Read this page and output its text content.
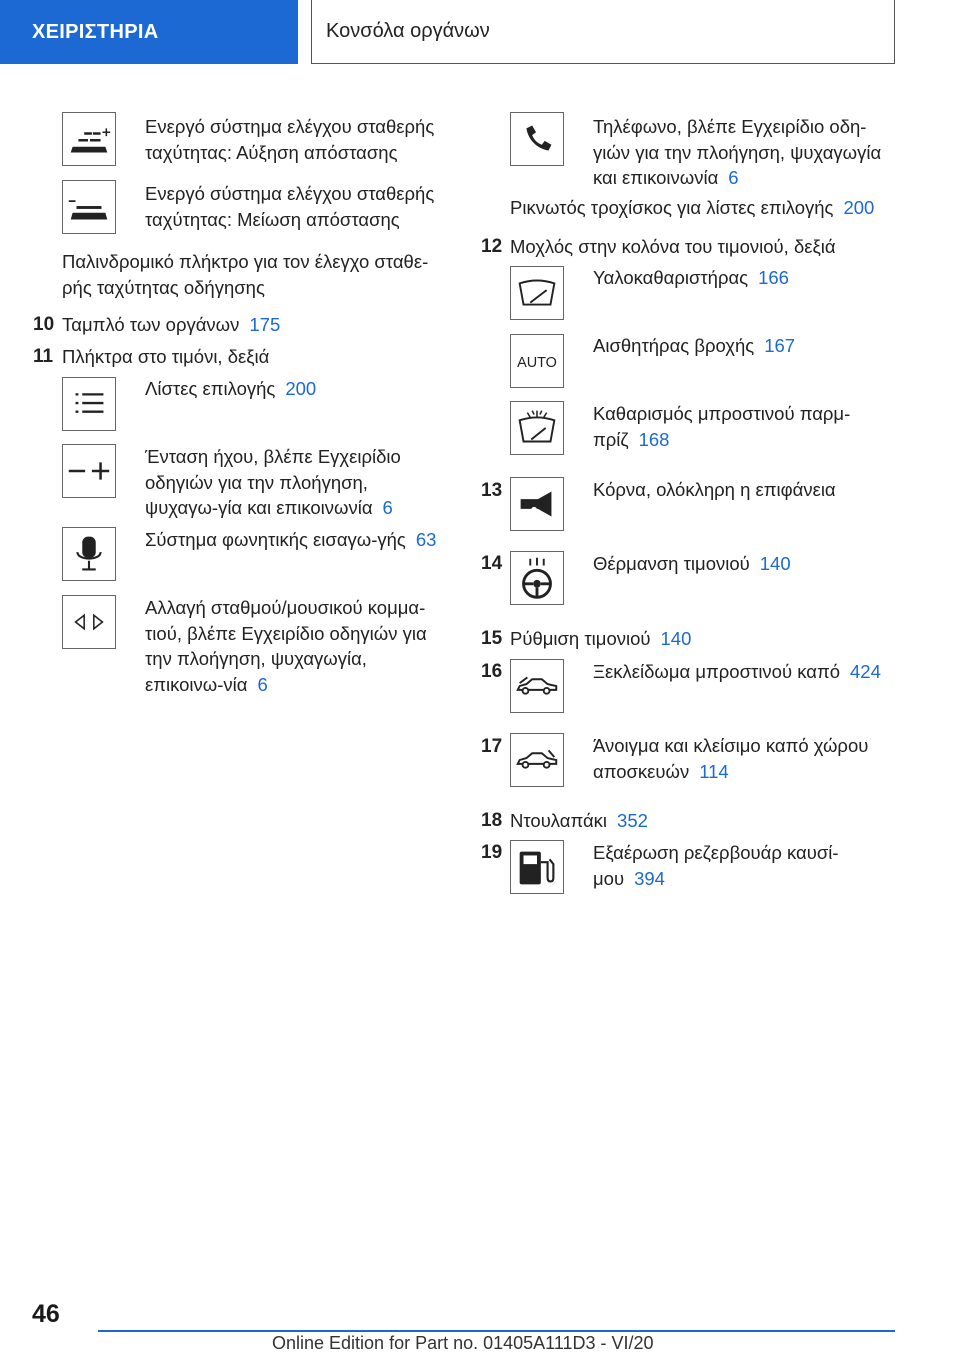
ΧΕΙΡΙΣΤΗΡΙΑ	Κονσόλα οργάνων
Ενεργό σύστημα ελέγχου σταθερής ταχύτητας: Αύξηση απόστασης
Ενεργό σύστημα ελέγχου σταθερής ταχύτητας: Μείωση απόστασης
Παλινδρομικό πλήκτρο για τον έλεγχο σταθε-ρής ταχύτητας οδήγησης
10 Ταμπλό των οργάνων 175
11 Πλήκτρα στο τιμόνι, δεξιά
Λίστες επιλογής 200
Ένταση ήχου, βλέπε Εγχειρίδιο οδηγιών για την πλοήγηση, ψυχαγω-γία και επικοινωνία 6
Σύστημα φωνητικής εισαγω-γής 63
Αλλαγή σταθμού/μουσικού κομμα-τιού, βλέπε Εγχειρίδιο οδηγιών για την πλοήγηση, ψυχαγωγία, επικοινω-νία 6
Τηλέφωνο, βλέπε Εγχειρίδιο οδη-γιών για την πλοήγηση, ψυχαγωγία και επικοινωνία 6
Ρικνωτός τροχίσκος για λίστες επιλογής 200
12 Μοχλός στην κολόνα του τιμονιού, δεξιά
Υαλοκαθαριστήρας 166
AUTO
Αισθητήρας βροχής 167
Καθαρισμός μπροστινού παρμ-πρίζ 168
13	Κόρνα, ολόκληρη η επιφάνεια
14	Θέρμανση τιμονιού 140
15 Ρύθμιση τιμονιού 140
16	Ξεκλείδωμα μπροστινού καπό 424
17	Άνοιγμα και κλείσιμο καπό χώρου αποσκευών 114
18 Ντουλαπάκι 352
19	Εξαέρωση ρεζερβουάρ καυσί-μου 394
46
Online Edition for Part no. 01405A111D3 - VI/20
